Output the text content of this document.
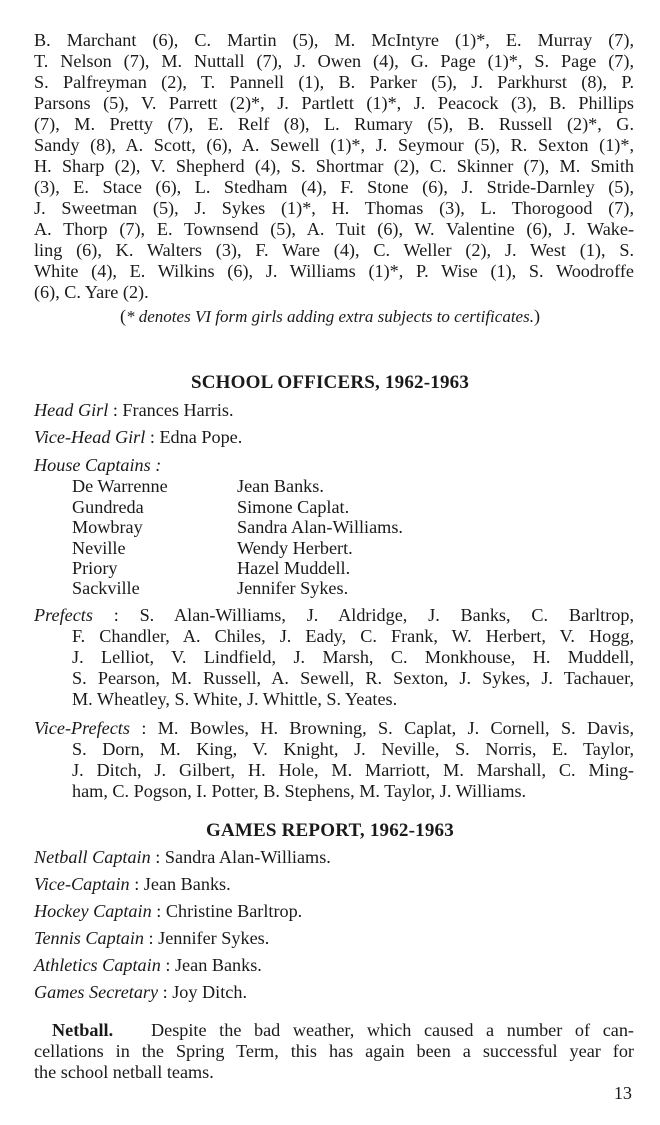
B. Marchant (6), C. Martin (5), M. McIntyre (1)*, E. Murray (7),
T. Nelson (7), M. Nuttall (7), J. Owen (4), G. Page (1)*, S. Page (7),
S. Palfreyman (2), T. Pannell (1), B. Parker (5), J. Parkhurst (8), P.
Parsons (5), V. Parrett (2)*, J. Partlett (1)*, J. Peacock (3), B. Phillips
(7), M. Pretty (7), E. Relf (8), L. Rumary (5), B. Russell (2)*, G.
Sandy (8), A. Scott, (6), A. Sewell (1)*, J. Seymour (5), R. Sexton (1)*,
H. Sharp (2), V. Shepherd (4), S. Shortmar (2), C. Skinner (7), M. Smith
(3), E. Stace (6), L. Stedham (4), F. Stone (6), J. Stride-Darnley (5),
J. Sweetman (5), J. Sykes (1)*, H. Thomas (3), L. Thorogood (7),
A. Thorp (7), E. Townsend (5), A. Tuit (6), W. Valentine (6), J. Wake-
ling (6), K. Walters (3), F. Ware (4), C. Weller (2), J. West (1), S.
White (4), E. Wilkins (6), J. Williams (1)*, P. Wise (1), S. Woodroffe
(6), C. Yare (2).
(* denotes VI form girls adding extra subjects to certificates.)
SCHOOL OFFICERS, 1962-1963
Head Girl : Frances Harris.
Vice-Head Girl : Edna Pope.
House Captains :
De Warrenne	Jean Banks.
Gundreda	Simone Caplat.
Mowbray	Sandra Alan-Williams.
Neville	Wendy Herbert.
Priory	Hazel Muddell.
Sackville	Jennifer Sykes.
Prefects : S. Alan-Williams, J. Aldridge, J. Banks, C. Barltrop,
F. Chandler, A. Chiles, J. Eady, C. Frank, W. Herbert, V. Hogg,
J. Lelliot, V. Lindfield, J. Marsh, C. Monkhouse, H. Muddell,
S. Pearson, M. Russell, A. Sewell, R. Sexton, J. Sykes, J. Tachauer,
M. Wheatley, S. White, J. Whittle, S. Yeates.
Vice-Prefects : M. Bowles, H. Browning, S. Caplat, J. Cornell, S. Davis,
S. Dorn, M. King, V. Knight, J. Neville, S. Norris, E. Taylor,
J. Ditch, J. Gilbert, H. Hole, M. Marriott, M. Marshall, C. Ming-
ham, C. Pogson, I. Potter, B. Stephens, M. Taylor, J. Williams.
GAMES REPORT, 1962-1963
Netball Captain : Sandra Alan-Williams.
Vice-Captain : Jean Banks.
Hockey Captain : Christine Barltrop.
Tennis Captain : Jennifer Sykes.
Athletics Captain : Jean Banks.
Games Secretary : Joy Ditch.
Netball.   Despite the bad weather, which caused a number of can-
cellations in the Spring Term, this has again been a successful year for
the school netball teams.
13
